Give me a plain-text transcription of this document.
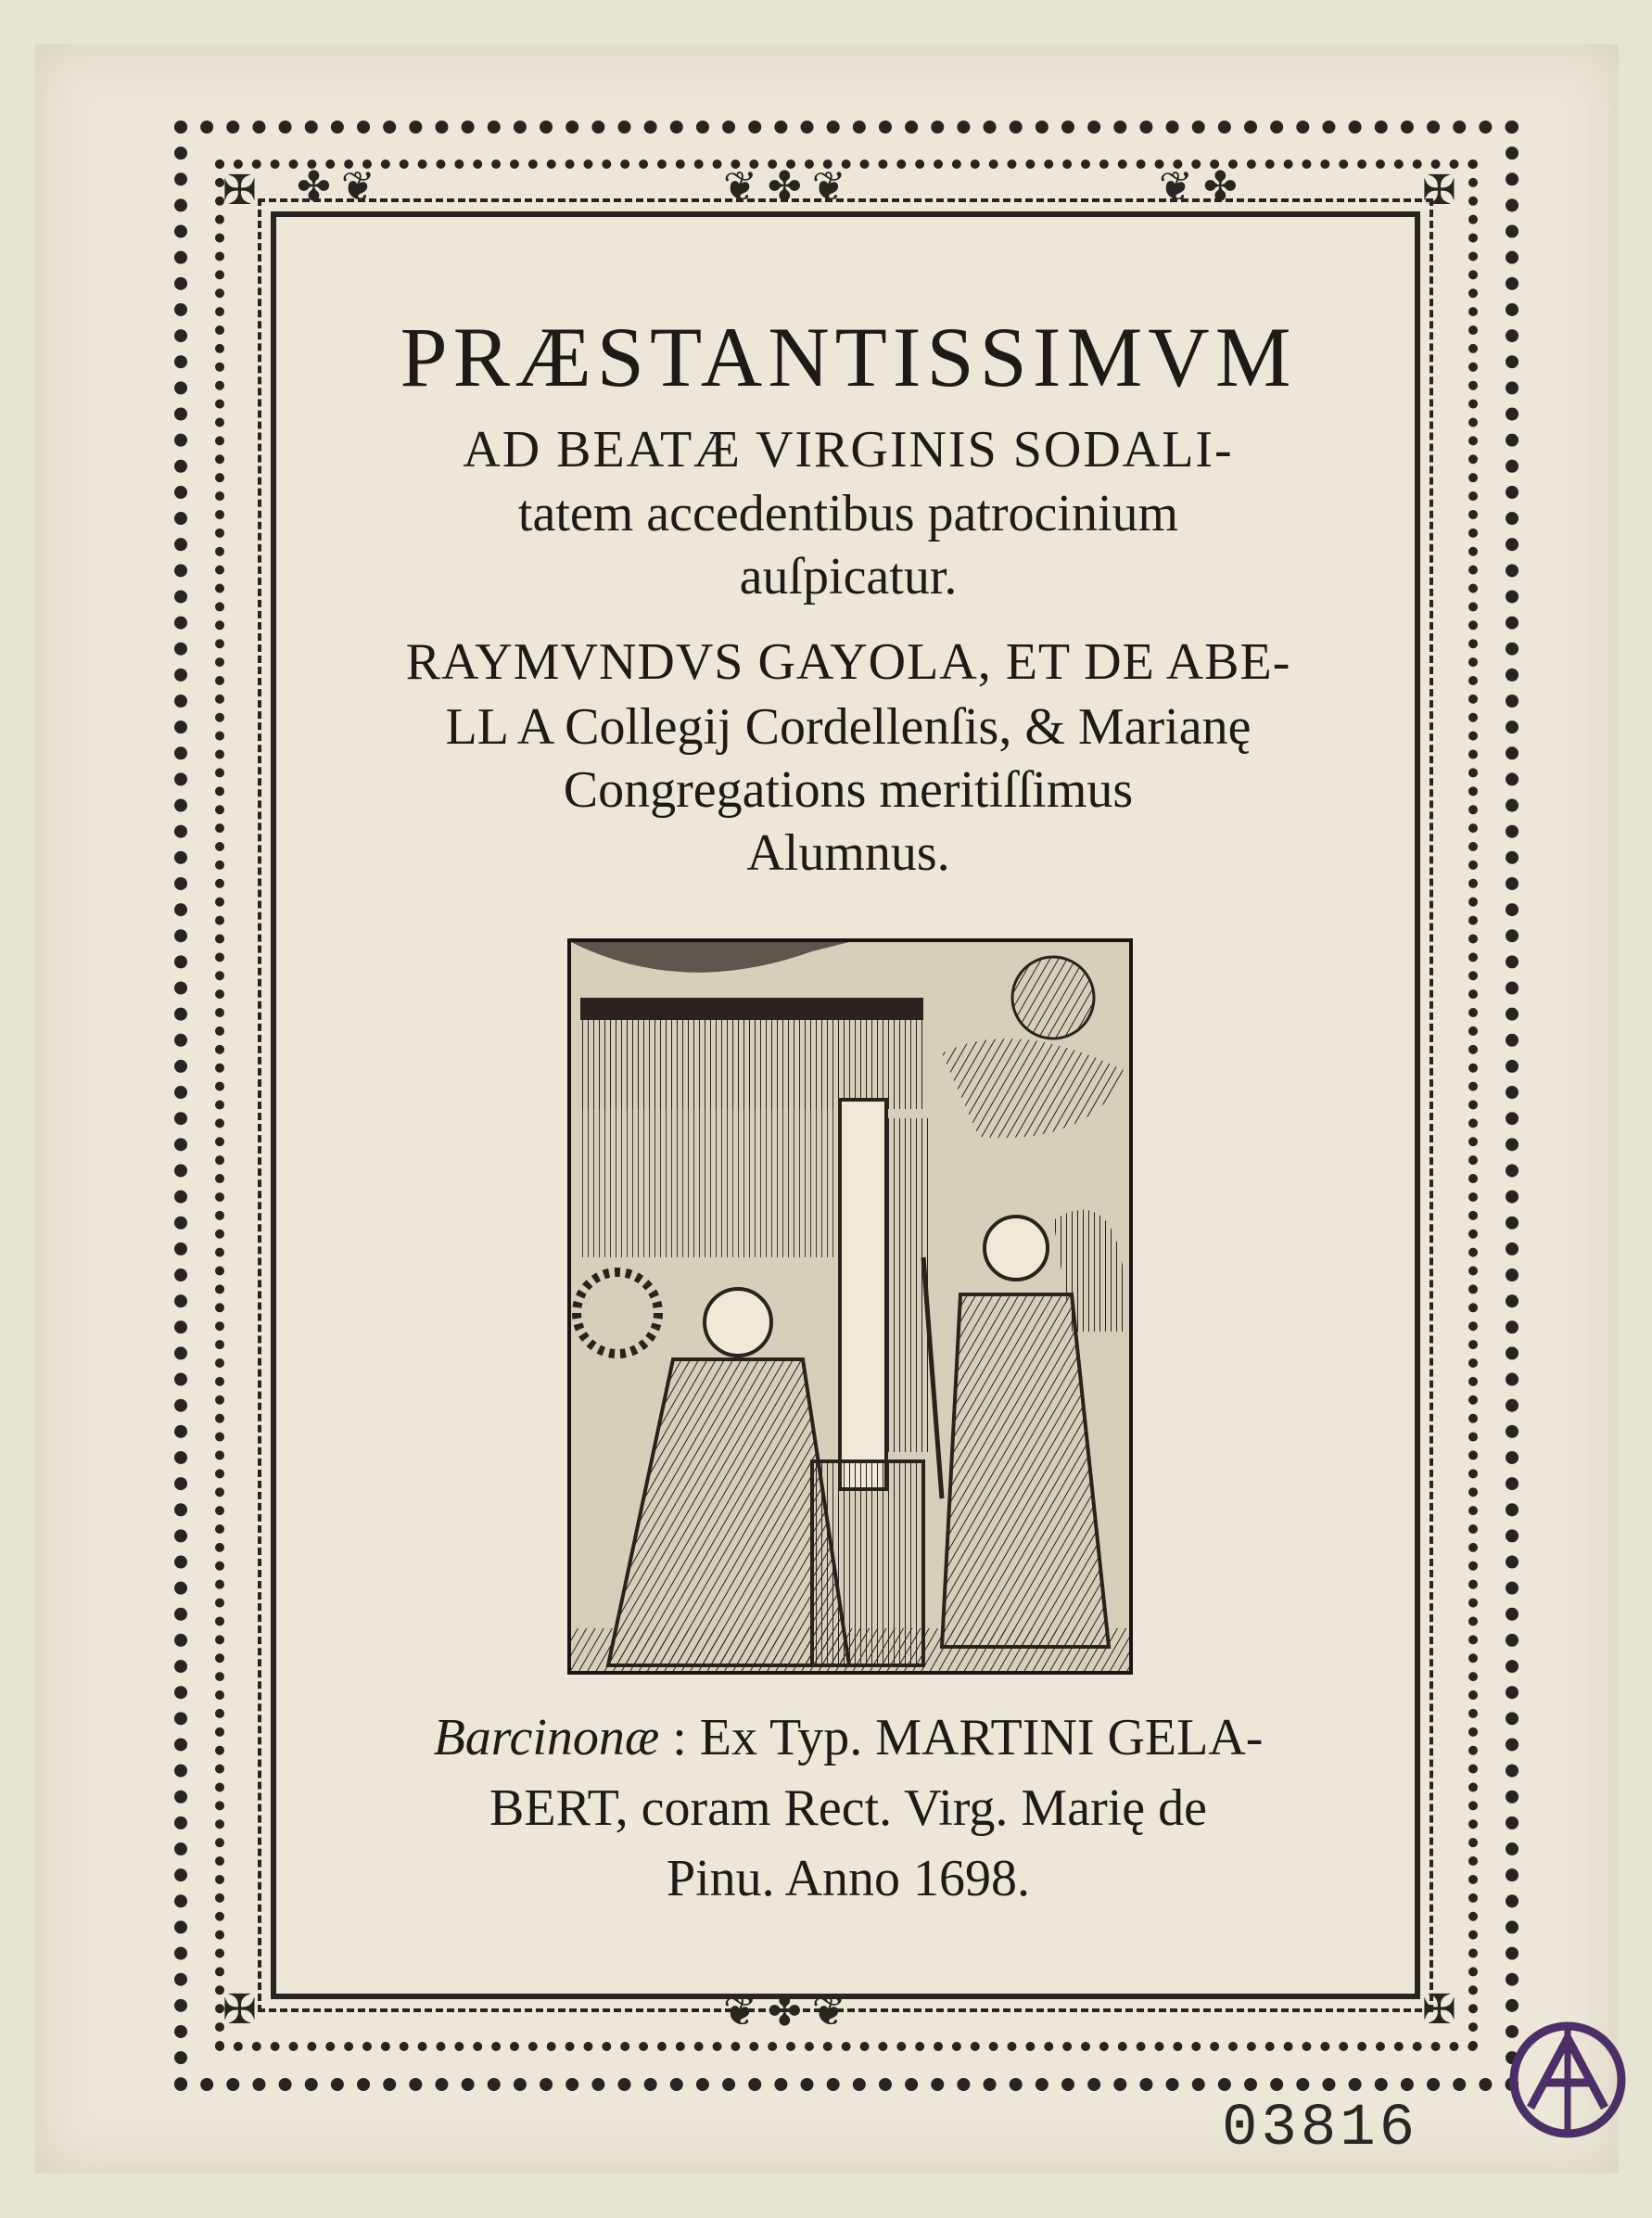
✠	✠
✠	✠
❦ ✤ ❦
❦ ✤ ❦
❦ ✤
✤ ❦
PRÆSTANTISSIMVM
AD BEATÆ VIRGINIS SODALI-
tatem accedentibus patrocinium
auſpicatur.
RAYMVNDVS GAYOLA, ET DE ABE-
LL A Collegij Cordellenſis, & Marianę
Congregations meritiſſimus
Alumnus.
Barcinonæ : Ex Typ. MARTINI GELA-
BERT, coram Rect. Virg. Marię de
Pinu. Anno 1698.
03816
